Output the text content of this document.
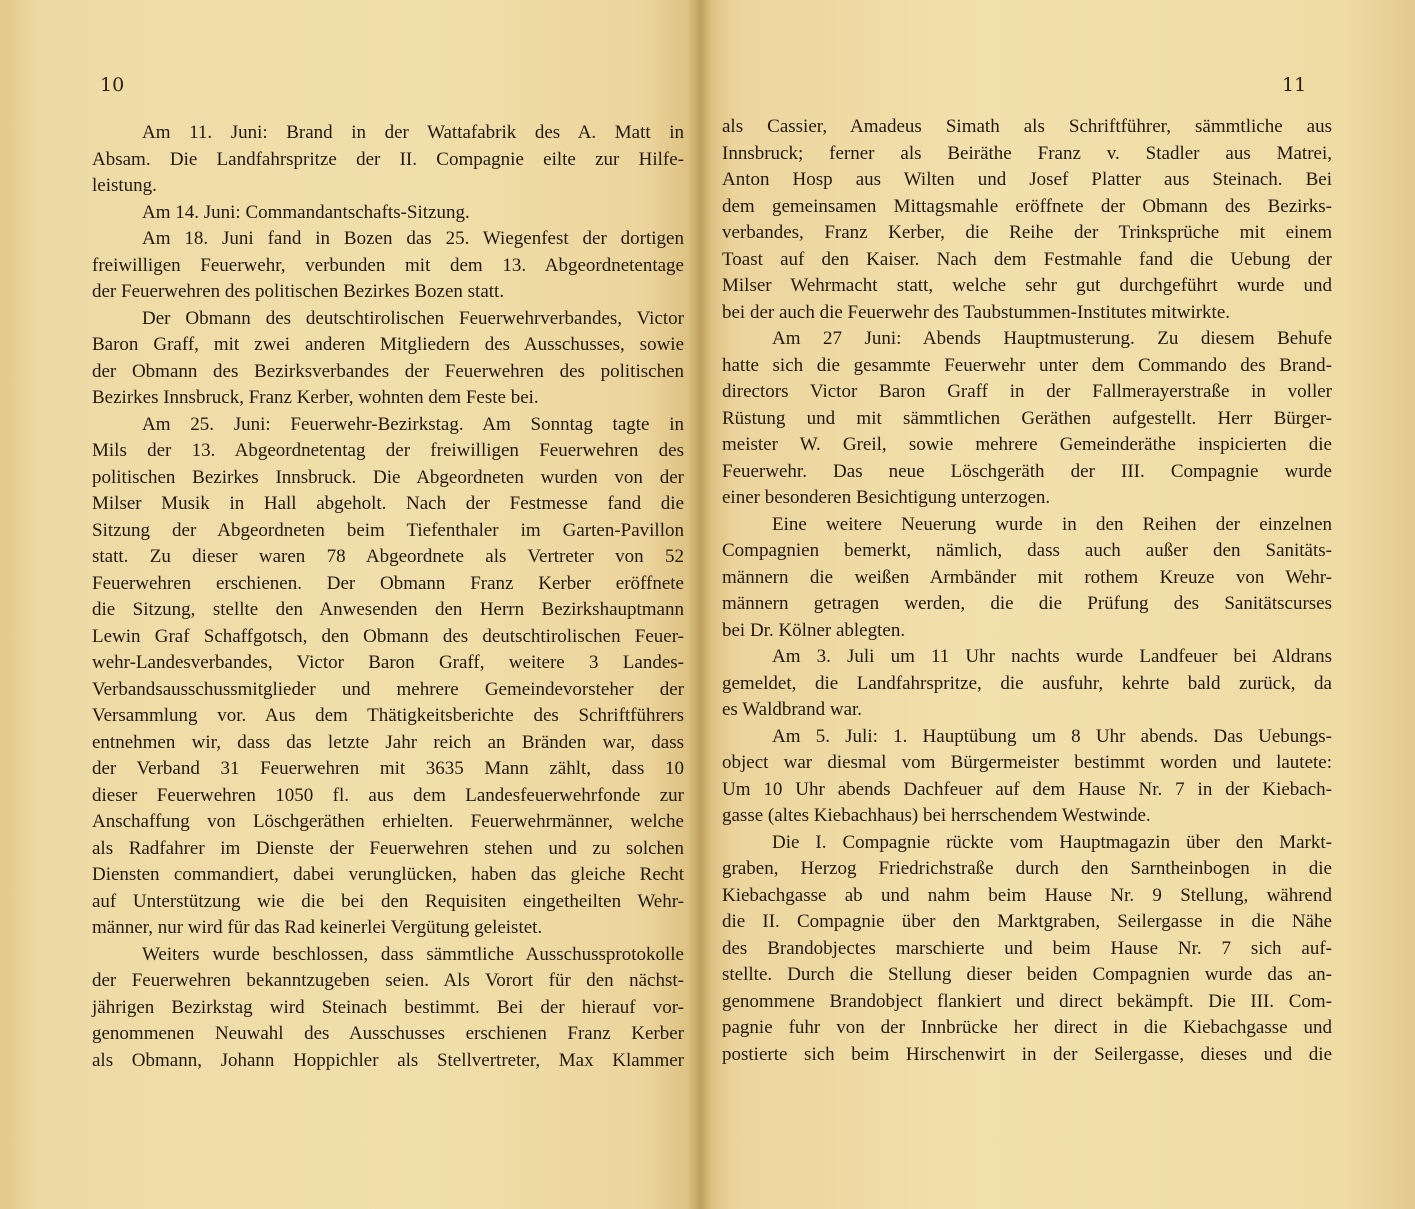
10
Am 11. Juni: Brand in der Wattafabrik des A. Matt in
Absam. Die Landfahrspritze der II. Compagnie eilte zur Hilfe-
leistung.
Am 14. Juni: Commandantschafts-Sitzung.
Am 18. Juni fand in Bozen das 25. Wiegenfest der dortigen
freiwilligen Feuerwehr, verbunden mit dem 13. Abgeordnetentage
der Feuerwehren des politischen Bezirkes Bozen statt.
Der Obmann des deutschtirolischen Feuerwehrverbandes, Victor
Baron Graff, mit zwei anderen Mitgliedern des Ausschusses, sowie
der Obmann des Bezirksverbandes der Feuerwehren des politischen
Bezirkes Innsbruck, Franz Kerber, wohnten dem Feste bei.
Am 25. Juni: Feuerwehr-Bezirkstag. Am Sonntag tagte in
Mils der 13. Abgeordnetentag der freiwilligen Feuerwehren des
politischen Bezirkes Innsbruck. Die Abgeordneten wurden von der
Milser Musik in Hall abgeholt. Nach der Festmesse fand die
Sitzung der Abgeordneten beim Tiefenthaler im Garten-Pavillon
statt. Zu dieser waren 78 Abgeordnete als Vertreter von 52
Feuerwehren erschienen. Der Obmann Franz Kerber eröffnete
die Sitzung, stellte den Anwesenden den Herrn Bezirkshauptmann
Lewin Graf Schaffgotsch, den Obmann des deutschtirolischen Feuer-
wehr-Landesverbandes, Victor Baron Graff, weitere 3 Landes-
Verbandsausschussmitglieder und mehrere Gemeindevorsteher der
Versammlung vor. Aus dem Thätigkeitsberichte des Schriftführers
entnehmen wir, dass das letzte Jahr reich an Bränden war, dass
der Verband 31 Feuerwehren mit 3635 Mann zählt, dass 10
dieser Feuerwehren 1050 fl. aus dem Landesfeuerwehrfonde zur
Anschaffung von Löschgeräthen erhielten. Feuerwehrmänner, welche
als Radfahrer im Dienste der Feuerwehren stehen und zu solchen
Diensten commandiert, dabei verunglücken, haben das gleiche Recht
auf Unterstützung wie die bei den Requisiten eingetheilten Wehr-
männer, nur wird für das Rad keinerlei Vergütung geleistet.
Weiters wurde beschlossen, dass sämmtliche Ausschussprotokolle
der Feuerwehren bekanntzugeben seien. Als Vorort für den nächst-
jährigen Bezirkstag wird Steinach bestimmt. Bei der hierauf vor-
genommenen Neuwahl des Ausschusses erschienen Franz Kerber
als Obmann, Johann Hoppichler als Stellvertreter, Max Klammer
11
als Cassier, Amadeus Simath als Schriftführer, sämmtliche aus
Innsbruck; ferner als Beiräthe Franz v. Stadler aus Matrei,
Anton Hosp aus Wilten und Josef Platter aus Steinach. Bei
dem gemeinsamen Mittagsmahle eröffnete der Obmann des Bezirks-
verbandes, Franz Kerber, die Reihe der Trinksprüche mit einem
Toast auf den Kaiser. Nach dem Festmahle fand die Uebung der
Milser Wehrmacht statt, welche sehr gut durchgeführt wurde und
bei der auch die Feuerwehr des Taubstummen-Institutes mitwirkte.
Am 27 Juni: Abends Hauptmusterung. Zu diesem Behufe
hatte sich die gesammte Feuerwehr unter dem Commando des Brand-
directors Victor Baron Graff in der Fallmerayerstraße in voller
Rüstung und mit sämmtlichen Geräthen aufgestellt. Herr Bürger-
meister W. Greil, sowie mehrere Gemeinderäthe inspicierten die
Feuerwehr. Das neue Löschgeräth der III. Compagnie wurde
einer besonderen Besichtigung unterzogen.
Eine weitere Neuerung wurde in den Reihen der einzelnen
Compagnien bemerkt, nämlich, dass auch außer den Sanitäts-
männern die weißen Armbänder mit rothem Kreuze von Wehr-
männern getragen werden, die die Prüfung des Sanitätscurses
bei Dr. Kölner ablegten.
Am 3. Juli um 11 Uhr nachts wurde Landfeuer bei Aldrans
gemeldet, die Landfahrspritze, die ausfuhr, kehrte bald zurück, da
es Waldbrand war.
Am 5. Juli: 1. Hauptübung um 8 Uhr abends. Das Uebungs-
object war diesmal vom Bürgermeister bestimmt worden und lautete:
Um 10 Uhr abends Dachfeuer auf dem Hause Nr. 7 in der Kiebach-
gasse (altes Kiebachhaus) bei herrschendem Westwinde.
Die I. Compagnie rückte vom Hauptmagazin über den Markt-
graben, Herzog Friedrichstraße durch den Sarntheinbogen in die
Kiebachgasse ab und nahm beim Hause Nr. 9 Stellung, während
die II. Compagnie über den Marktgraben, Seilergasse in die Nähe
des Brandobjectes marschierte und beim Hause Nr. 7 sich auf-
stellte. Durch die Stellung dieser beiden Compagnien wurde das an-
genommene Brandobject flankiert und direct bekämpft. Die III. Com-
pagnie fuhr von der Innbrücke her direct in die Kiebachgasse und
postierte sich beim Hirschenwirt in der Seilergasse, dieses und die
